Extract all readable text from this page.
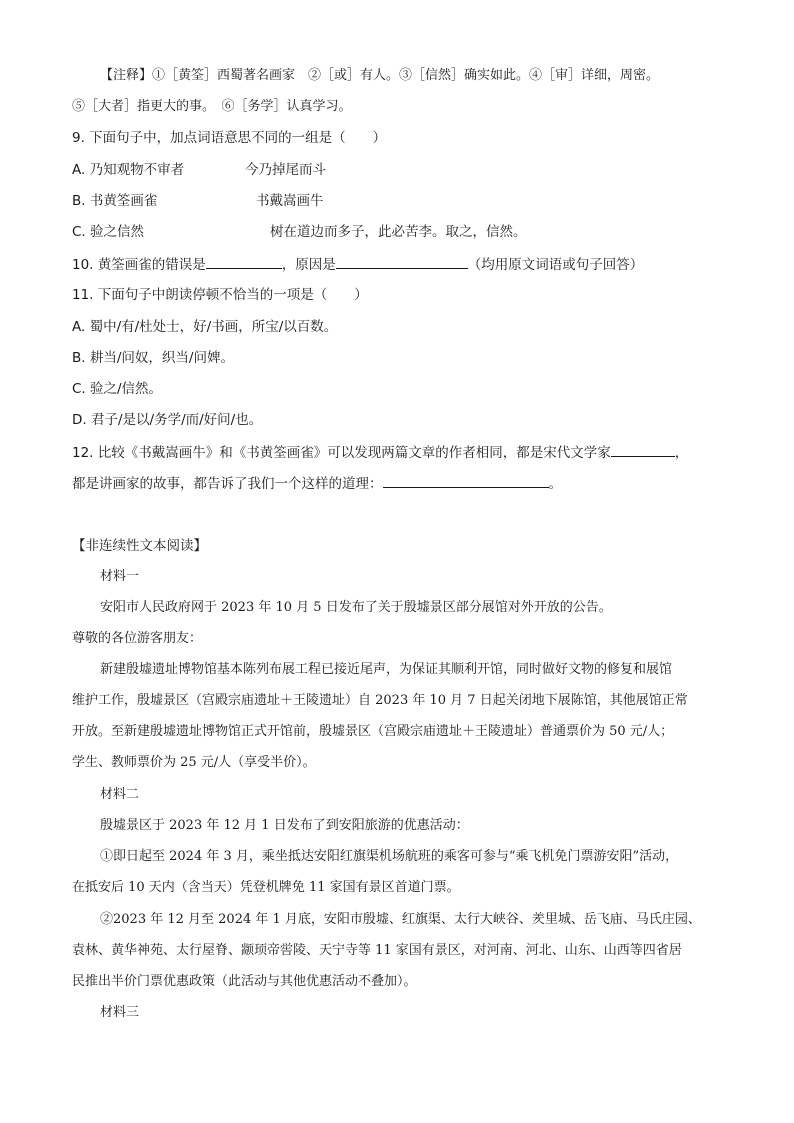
【注释】①［黄筌］西蜀著名画家　②［或］有人。③［信然］确实如此。④［审］详细，周密。
⑤［大者］指更大的事。　⑥［务学］认真学习。
9. 下面句子中，加点词语意思不同的一组是（　　）
A. 乃知观物不审者	今乃掉尾而斗
B. 书黄筌画雀	书戴嵩画牛
C. 验之信然	树在道边而多子，此必苦李。取之，信然。
10. 黄筌画雀的错误是	，原因是	（均用原文词语或句子回答）
11. 下面句子中朗读停顿不恰当的一项是（　　）
A. 蜀中/有/杜处士，好/书画，所宝/以百数。
B. 耕当/问奴，织当/问婢。
C. 验之/信然。
D. 君子/是以/务学/而/好问/也。
12. 比较《书戴嵩画牛》和《书黄筌画雀》可以发现两篇文章的作者相同，都是宋代文学家	，
都是讲画家的故事，都告诉了我们一个这样的道理：	。
【非连续性文本阅读】
材料一
安阳市人民政府网于 2023 年 10 月 5 日发布了关于殷墟景区部分展馆对外开放的公告。
尊敬的各位游客朋友：
新建殷墟遗址博物馆基本陈列布展工程已接近尾声，为保证其顺利开馆，同时做好文物的修复和展馆
维护工作，殷墟景区（宫殿宗庙遗址＋王陵遗址）自 2023 年 10 月 7 日起关闭地下展陈馆，其他展馆正常
开放。至新建殷墟遗址博物馆正式开馆前，殷墟景区（宫殿宗庙遗址＋王陵遗址）普通票价为 50 元/人；
学生、教师票价为 25 元/人（享受半价）。
材料二
殷墟景区于 2023 年 12 月 1 日发布了到安阳旅游的优惠活动：
①即日起至 2024 年 3 月，乘坐抵达安阳红旗渠机场航班的乘客可参与“乘飞机免门票游安阳”活动，
在抵安后 10 天内（含当天）凭登机牌免 11 家国有景区首道门票。
②2023 年 12 月至 2024 年 1 月底，安阳市殷墟、红旗渠、太行大峡谷、羑里城、岳飞庙、马氏庄园、
袁林、黄华神苑、太行屋脊、颛顼帝喾陵、天宁寺等 11 家国有景区，对河南、河北、山东、山西等四省居
民推出半价门票优惠政策（此活动与其他优惠活动不叠加）。
材料三
